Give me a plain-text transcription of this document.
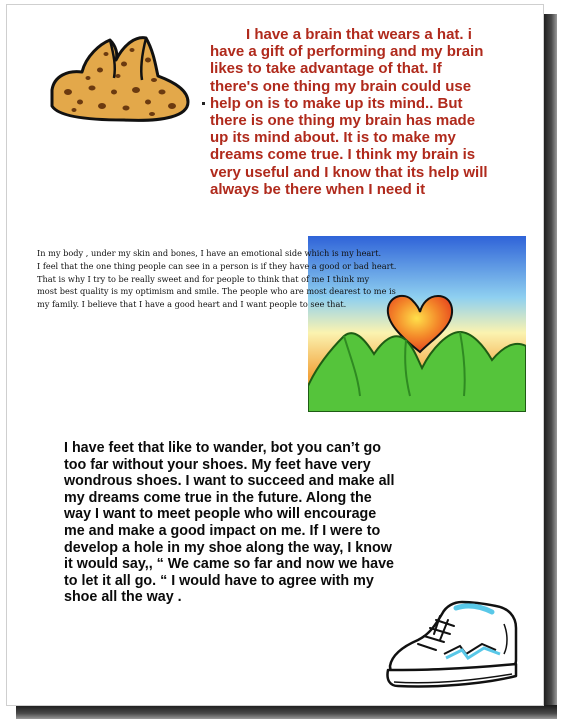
I have a brain that wears a hat. i
have a gift of performing and my brain
likes to take advantage of that. If
there's one thing my brain could use
help on is to make up its mind.. But
there is one thing my brain has made
up its mind about. It is to make my
dreams come true. I think my brain is
very useful and I know that its help will
always be there when I need it

In my body , under my skin and bones, I have an emotional side which is my heart.
I feel that the one thing people can see in a person is if they have a good or bad heart.
That is why I try to be really sweet and for people to think that of me I think my
most best quality is my optimism and smile. The people who are most dearest to me is
my family. I believe that I have a good heart and I want people to see that.

I have feet that like to wander, bot you can’t go
too far without your shoes. My feet have very
wondrous shoes. I want to succeed and make all
my dreams come true in the future. Along the
way I want to meet people who will encourage
me and make a good impact on me. If I were to
develop a hole in my shoe along the way, I know
it would say,, “ We came so far and now we have
to let it all go. “ I would have to agree with my
shoe all the way .
